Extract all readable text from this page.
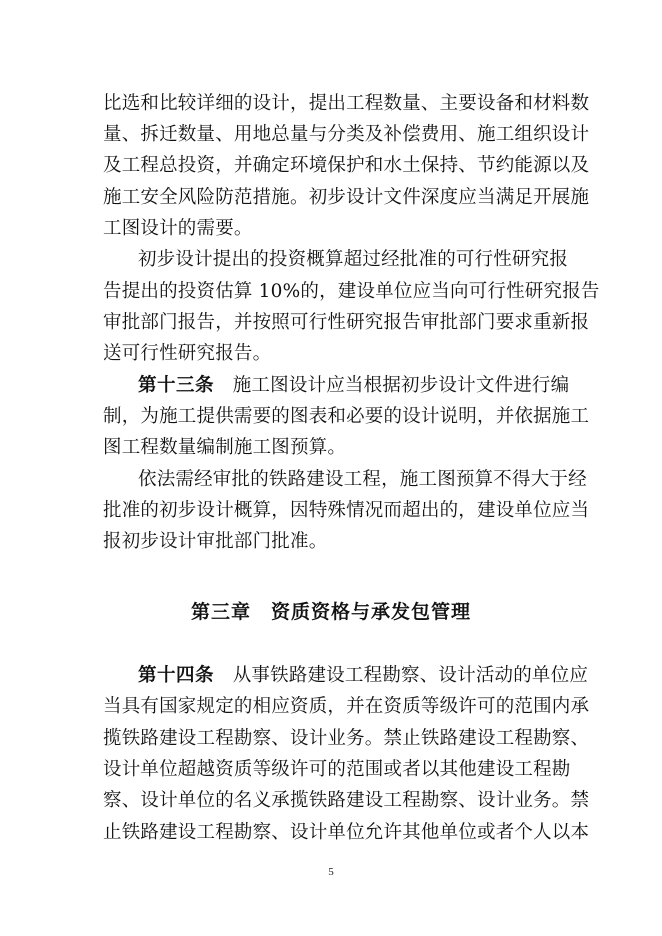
比选和比较详细的设计，提出工程数量、主要设备和材料数
量、拆迁数量、用地总量与分类及补偿费用、施工组织设计
及工程总投资，并确定环境保护和水土保持、节约能源以及
施工安全风险防范措施。初步设计文件深度应当满足开展施
工图设计的需要。
初步设计提出的投资概算超过经批准的可行性研究报
告提出的投资估算 10%的，建设单位应当向可行性研究报告
审批部门报告，并按照可行性研究报告审批部门要求重新报
送可行性研究报告。
第十三条　 施工图设计应当根据初步设计文件进行编
制，为施工提供需要的图表和必要的设计说明，并依据施工
图工程数量编制施工图预算。
依法需经审批的铁路建设工程，施工图预算不得大于经
批准的初步设计概算，因特殊情况而超出的，建设单位应当
报初步设计审批部门批准。
第三章　资质资格与承发包管理
第十四条　 从事铁路建设工程勘察、设计活动的单位应
当具有国家规定的相应资质，并在资质等级许可的范围内承
揽铁路建设工程勘察、设计业务。禁止铁路建设工程勘察、
设计单位超越资质等级许可的范围或者以其他建设工程勘
察、设计单位的名义承揽铁路建设工程勘察、设计业务。禁
止铁路建设工程勘察、设计单位允许其他单位或者个人以本
5
